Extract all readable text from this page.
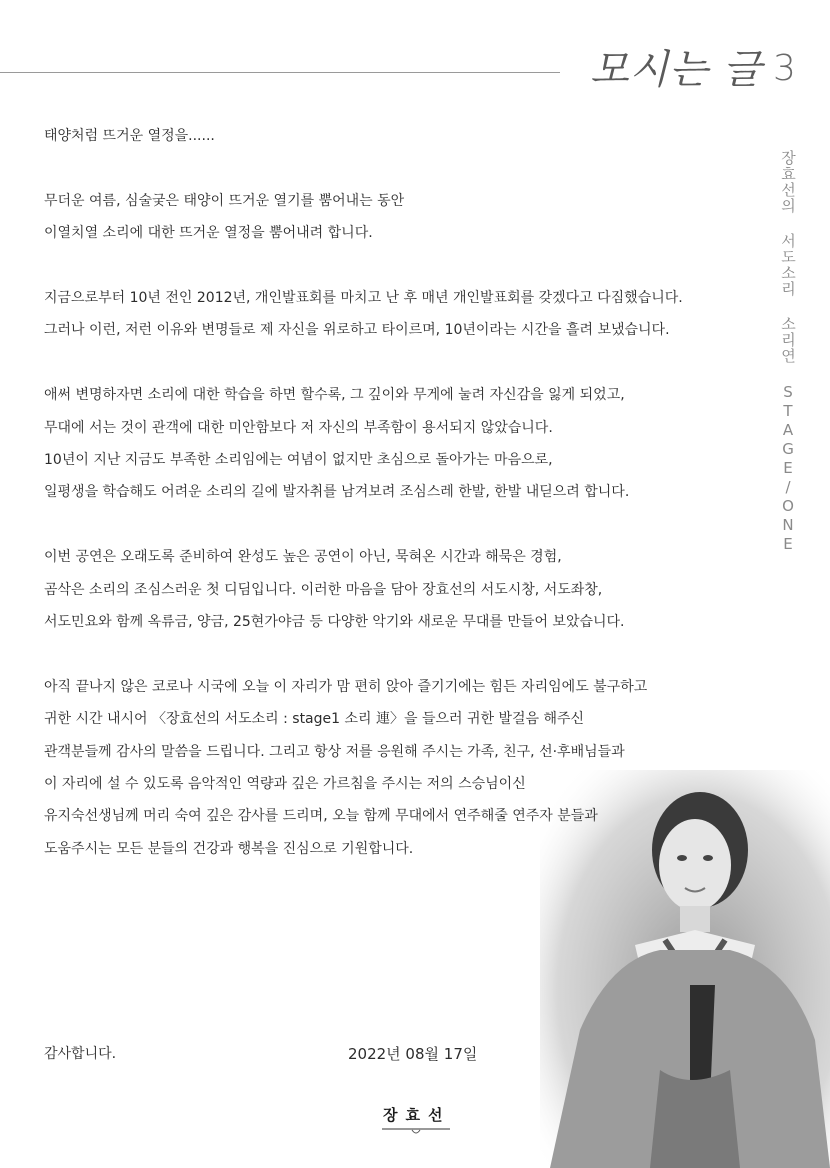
모시는 글 3
장효선의 서도소리 소리연 STAGE/ONE

태양처럼 뜨거운 열정을......

무더운 여름, 심술궂은 태양이 뜨거운 열기를 뿜어내는 동안
이열치열 소리에 대한 뜨거운 열정을 뿜어내려 합니다.

지금으로부터 10년 전인 2012년, 개인발표회를 마치고 난 후 매년 개인발표회를 갖겠다고 다짐했습니다.
그러나 이런, 저런 이유와 변명들로 제 자신을 위로하고 타이르며, 10년이라는 시간을 흘려 보냈습니다.

애써 변명하자면 소리에 대한 학습을 하면 할수록, 그 깊이와 무게에 눌려 자신감을 잃게 되었고,
무대에 서는 것이 관객에 대한 미안함보다 저 자신의 부족함이 용서되지 않았습니다.
10년이 지난 지금도 부족한 소리임에는 여념이 없지만 초심으로 돌아가는 마음으로,
일평생을 학습해도 어려운 소리의 길에 발자취를 남겨보려 조심스레 한발, 한발 내딛으려 합니다.

이번 공연은 오래도록 준비하여 완성도 높은 공연이 아닌, 묵혀온 시간과 해묵은 경험,
곰삭은 소리의 조심스러운 첫 디딤입니다. 이러한 마음을 담아 장효선의 서도시창, 서도좌창,
서도민요와 함께 옥류금, 양금, 25현가야금 등 다양한 악기와 새로운 무대를 만들어 보았습니다.

아직 끝나지 않은 코로나 시국에 오늘 이 자리가 맘 편히 앉아 즐기기에는 힘든 자리임에도 불구하고
귀한 시간 내시어 〈장효선의 서도소리 : stage1 소리 連〉을 들으러 귀한 발걸음 해주신
관객분들께 감사의 말씀을 드립니다. 그리고 항상 저를 응원해 주시는 가족, 친구, 선·후배님들과
이 자리에 설 수 있도록 음악적인 역량과 깊은 가르침을 주시는 저의 스승님이신
유지숙선생님께 머리 숙여 깊은 감사를 드리며, 오늘 함께 무대에서 연주해줄 연주자 분들과
도움주시는 모든 분들의 건강과 행복을 진심으로 기원합니다.

감사합니다.	2022년 08월 17일
장효선
